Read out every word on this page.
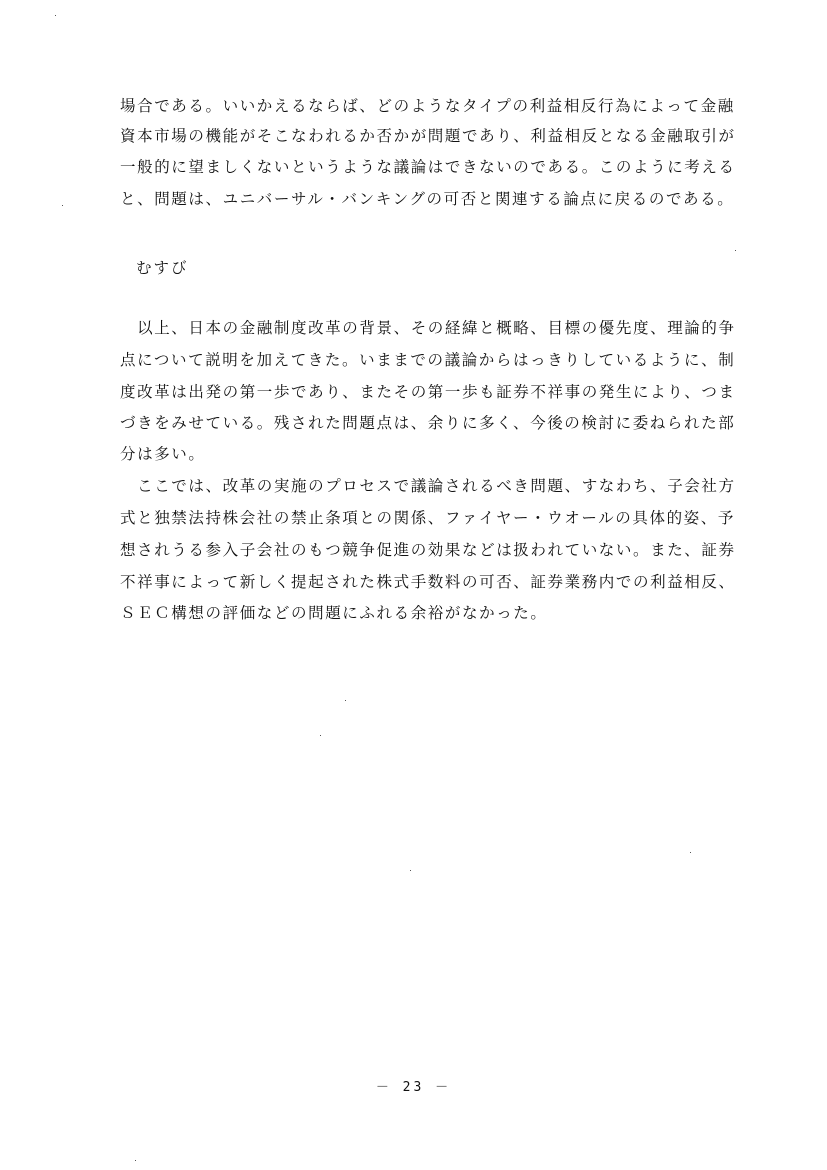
場合である。いいかえるならば、どのようなタイプの利益相反行為によって金融
資本市場の機能がそこなわれるか否かが問題であり、利益相反となる金融取引が
一般的に望ましくないというような議論はできないのである。このように考える
と、問題は、ユニバーサル・バンキングの可否と関連する論点に戻るのである。
むすび
　以上、日本の金融制度改革の背景、その経緯と概略、目標の優先度、理論的争
点について説明を加えてきた。いままでの議論からはっきりしているように、制
度改革は出発の第一歩であり、またその第一歩も証券不祥事の発生により、つま
づきをみせている。残された問題点は、余りに多く、今後の検討に委ねられた部
分は多い。
　ここでは、改革の実施のプロセスで議論されるべき問題、すなわち、子会社方
式と独禁法持株会社の禁止条項との関係、ファイヤー・ウオールの具体的姿、予
想されうる参入子会社のもつ競争促進の効果などは扱われていない。また、証券
不祥事によって新しく提起された株式手数料の可否、証券業務内での利益相反、
ＳＥＣ構想の評価などの問題にふれる余裕がなかった。
－ 23 －
